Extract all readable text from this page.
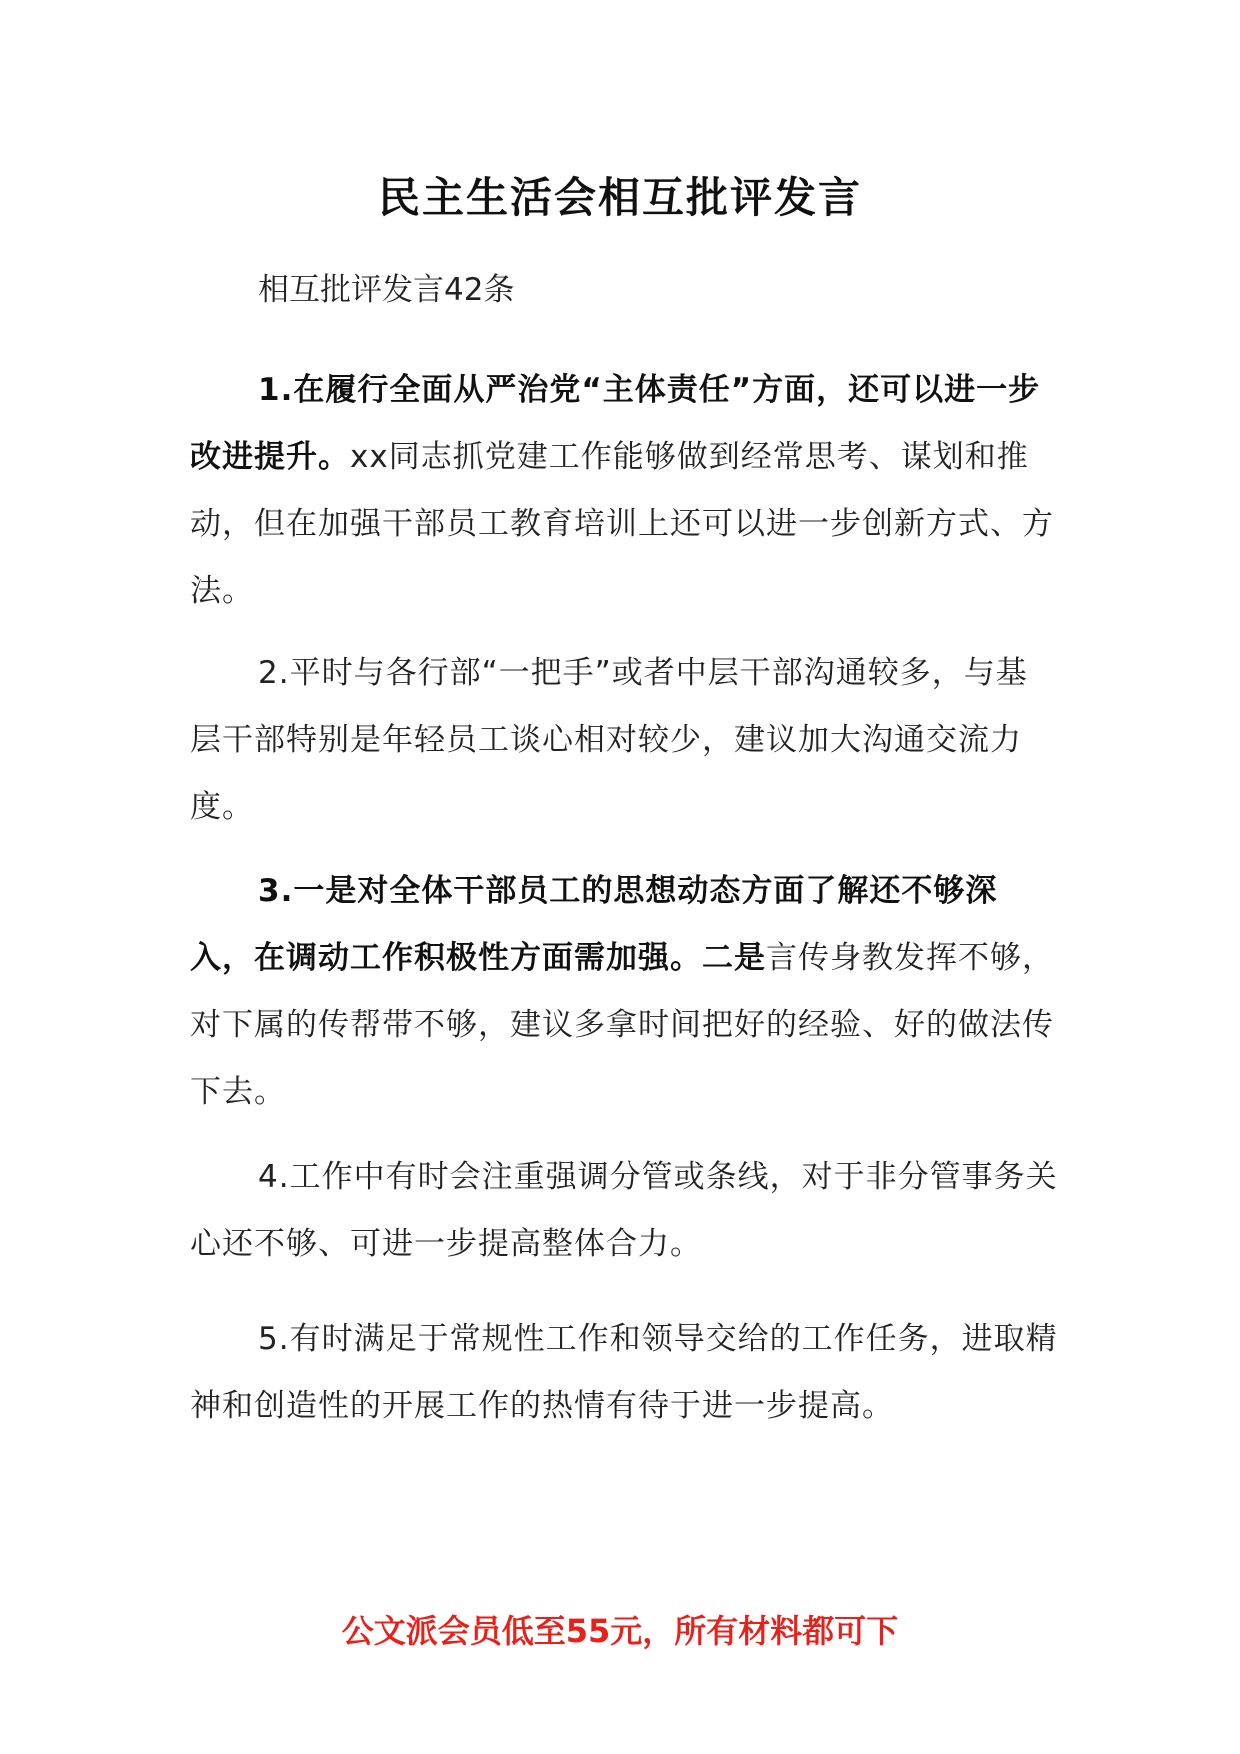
民主生活会相互批评发言
相互批评发言42条

1.在履行全面从严治党“主体责任”方面，还可以进一步改进提升。xx同志抓党建工作能够做到经常思考、谋划和推动，但在加强干部员工教育培训上还可以进一步创新方式、方法。

2.平时与各行部“一把手”或者中层干部沟通较多，与基层干部特别是年轻员工谈心相对较少，建议加大沟通交流力度。

3.一是对全体干部员工的思想动态方面了解还不够深入，在调动工作积极性方面需加强。二是言传身教发挥不够，对下属的传帮带不够，建议多拿时间把好的经验、好的做法传下去。

4.工作中有时会注重强调分管或条线，对于非分管事务关心还不够、可进一步提高整体合力。

5.有时满足于常规性工作和领导交给的工作任务，进取精神和创造性的开展工作的热情有待于进一步提高。

公文派会员低至55元，所有材料都可下
